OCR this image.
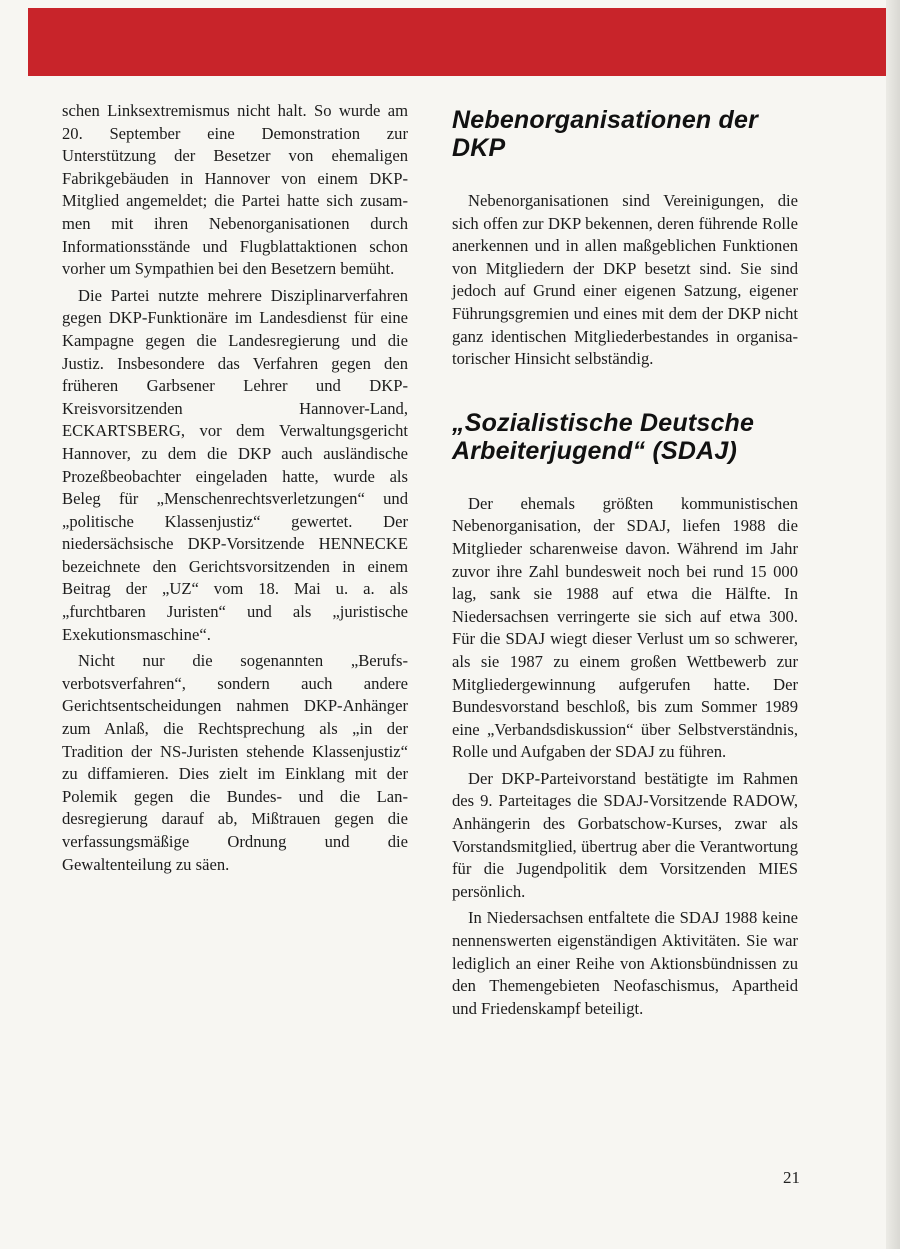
schen Linksextremismus nicht halt. So wurde am 20. September eine Demonstration zur Unterstützung der Besetzer von ehemaligen Fabrikgebäuden in Hannover von einem DKP-Mitglied angemeldet; die Partei hatte sich zusammen mit ihren Nebenorganisationen durch Informationsstände und Flugblattaktionen schon vorher um Sympathien bei den Besetzern bemüht.

Die Partei nutzte mehrere Disziplinarverfahren gegen DKP-Funktionäre im Landesdienst für eine Kampagne gegen die Landesregierung und die Justiz. Insbesondere das Verfahren gegen den früheren Garbsener Lehrer und DKP-Kreisvorsitzenden Hannover-Land, ECKARTSBERG, vor dem Verwaltungsgericht Hannover, zu dem die DKP auch ausländische Prozeßbeobachter eingeladen hatte, wurde als Beleg für „Menschenrechtsverletzungen“ und „politische Klassenjustiz“ gewertet. Der niedersächsische DKP-Vorsitzende HENNECKE bezeichnete den Gerichtsvorsitzenden in einem Beitrag der „UZ“ vom 18. Mai u. a. als „furchtbaren Juristen“ und als „juristische Exekutionsmaschine“.

Nicht nur die sogenannten „Berufsverbotsverfahren“, sondern auch andere Gerichtsentscheidungen nahmen DKP-Anhänger zum Anlaß, die Rechtsprechung als „in der Tradition der NS-Juristen stehende Klassenjustiz“ zu diffamieren. Dies zielt im Einklang mit der Polemik gegen die Bundes- und die Landesregierung darauf ab, Mißtrauen gegen die verfassungsmäßige Ordnung und die Gewaltenteilung zu säen.

Nebenorganisationen der DKP

Nebenorganisationen sind Vereinigungen, die sich offen zur DKP bekennen, deren führende Rolle anerkennen und in allen maßgeblichen Funktionen von Mitgliedern der DKP besetzt sind. Sie sind jedoch auf Grund einer eigenen Satzung, eigener Führungsgremien und eines mit dem der DKP nicht ganz identischen Mitgliederbestandes in organisatorischer Hinsicht selbständig.

„Sozialistische Deutsche Arbeiterjugend“ (SDAJ)

Der ehemals größten kommunistischen Nebenorganisation, der SDAJ, liefen 1988 die Mitglieder scharenweise davon. Während im Jahr zuvor ihre Zahl bundesweit noch bei rund 15 000 lag, sank sie 1988 auf etwa die Hälfte. In Niedersachsen verringerte sie sich auf etwa 300. Für die SDAJ wiegt dieser Verlust um so schwerer, als sie 1987 zu einem großen Wettbewerb zur Mitgliedergewinnung aufgerufen hatte. Der Bundesvorstand beschloß, bis zum Sommer 1989 eine „Verbandsdiskussion“ über Selbstverständnis, Rolle und Aufgaben der SDAJ zu führen.

Der DKP-Parteivorstand bestätigte im Rahmen des 9. Parteitages die SDAJ-Vorsitzende RADOW, Anhängerin des Gorbatschow-Kurses, zwar als Vorstandsmitglied, übertrug aber die Verantwortung für die Jugendpolitik dem Vorsitzenden MIES persönlich.

In Niedersachsen entfaltete die SDAJ 1988 keine nennenswerten eigenständigen Aktivitäten. Sie war lediglich an einer Reihe von Aktionsbündnissen zu den Themengebieten Neofaschismus, Apartheid und Friedenskampf beteiligt.

21
